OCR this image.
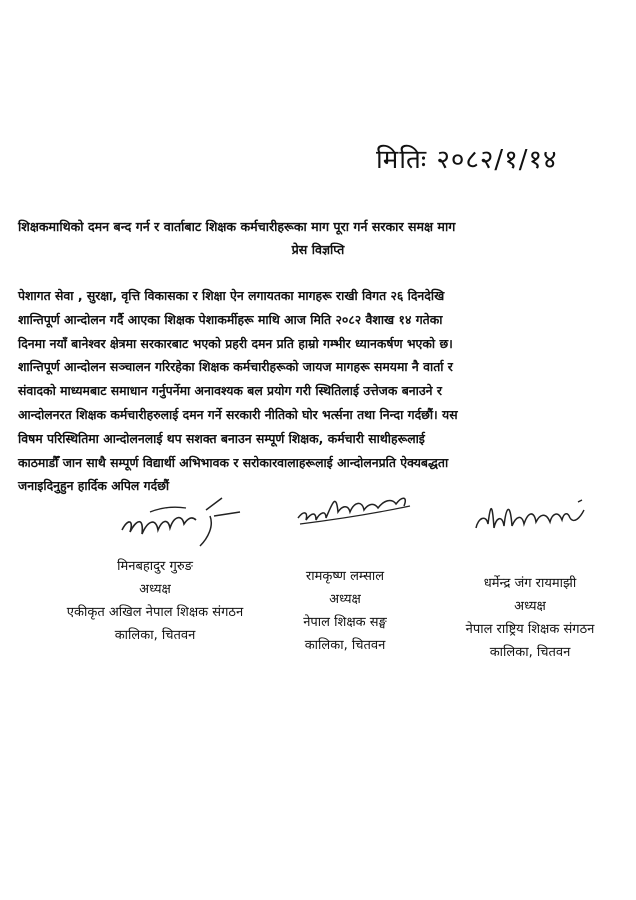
मितिः २०८२/१/१४
शिक्षकमाथिको दमन बन्द गर्न र वार्ताबाट शिक्षक कर्मचारीहरूका माग पूरा गर्न सरकार समक्ष माग
प्रेस विज्ञप्ति
पेशागत सेवा , सुरक्षा, वृत्ति विकासका र शिक्षा ऐन लगायतका मागहरू राखी विगत २६ दिनदेखि
शान्तिपूर्ण आन्दोलन गर्दै आएका शिक्षक पेशाकर्मीहरू माथि आज मिति २०८२ वैशाख १४ गतेका
दिनमा नयाँ बानेश्वर क्षेत्रमा सरकारबाट भएको प्रहरी दमन प्रति हाम्रो गम्भीर ध्यानकर्षण भएको छ।
शान्तिपूर्ण आन्दोलन सञ्चालन गरिरहेका शिक्षक कर्मचारीहरूको जायज मागहरू समयमा नै वार्ता र
संवादको माध्यमबाट समाधान गर्नुपर्नेमा अनावश्यक बल प्रयोग गरी स्थितिलाई उत्तेजक बनाउने र
आन्दोलनरत शिक्षक कर्मचारीहरुलाई दमन गर्ने सरकारी नीतिको घोर भर्त्सना तथा निन्दा गर्दछौं। यस
विषम परिस्थितिमा आन्दोलनलाई थप सशक्त बनाउन सम्पूर्ण शिक्षक, कर्मचारी साथीहरूलाई
काठमाडौँ जान साथै सम्पूर्ण विद्यार्थी अभिभावक र सरोकारवालाहरूलाई आन्दोलनप्रति ऐक्यबद्धता
जनाइदिनुहुन हार्दिक अपिल गर्दछौं
मिनबहादुर गुरुङ
अध्यक्ष
एकीकृत अखिल नेपाल शिक्षक संगठन
कालिका, चितवन
रामकृष्ण लम्साल
अध्यक्ष
नेपाल शिक्षक सङ्घ
कालिका, चितवन
धर्मेन्द्र जंग रायमाझी
अध्यक्ष
नेपाल राष्ट्रिय शिक्षक संगठन
कालिका, चितवन
